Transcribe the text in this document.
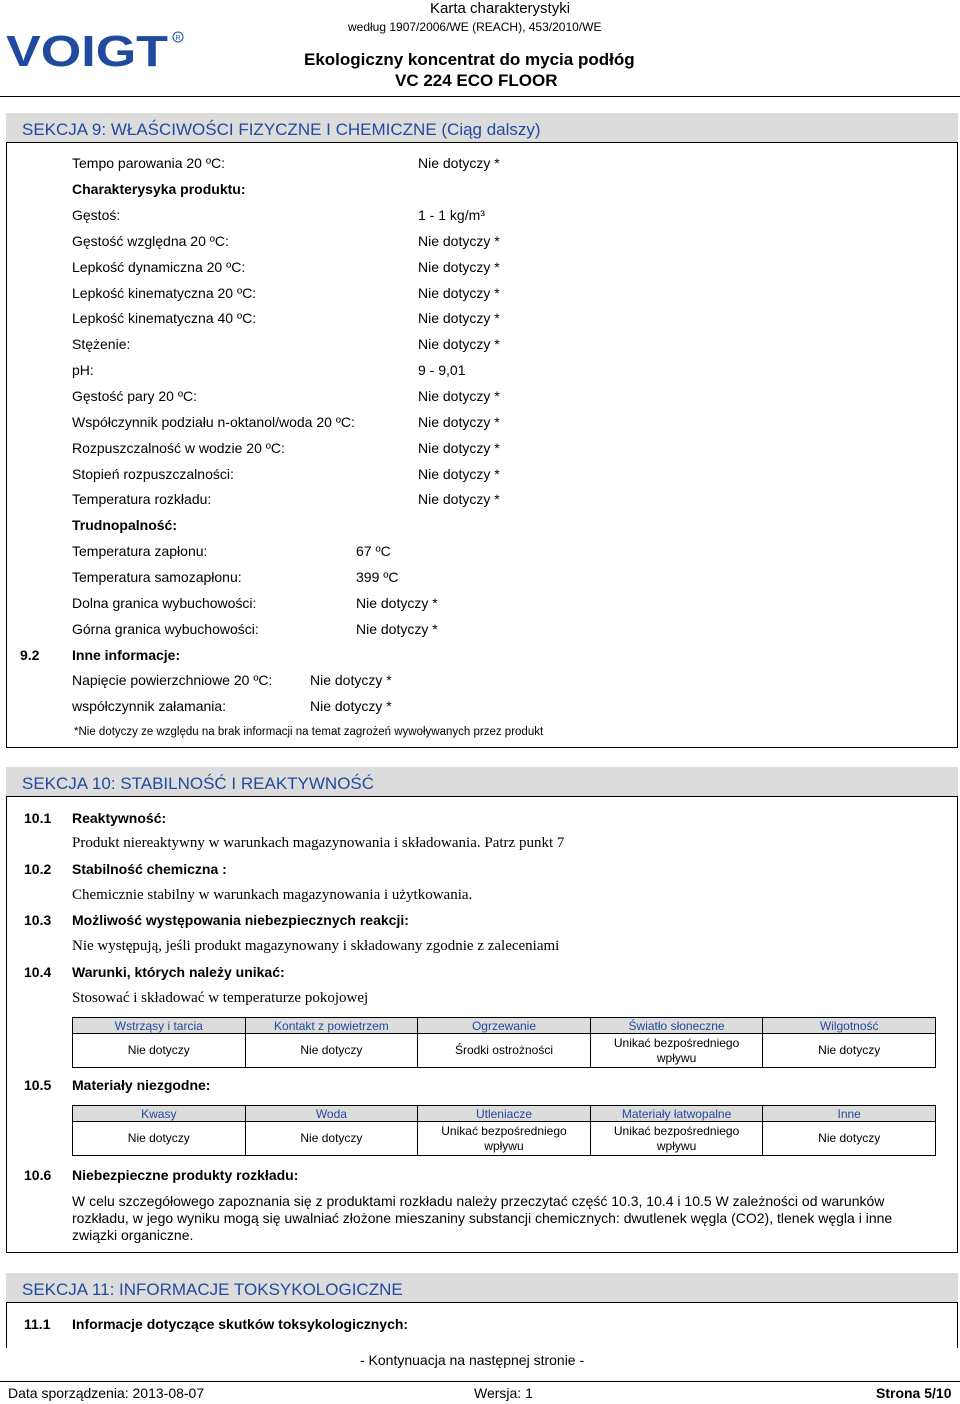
VOIGT R
Karta charakterystyki
według 1907/2006/WE (REACH), 453/2010/WE
Ekologiczny koncentrat do mycia podłóg
VC 224 ECO FLOOR
SEKCJA 9: WŁAŚCIWOŚCI FIZYCZNE I CHEMICZNE (Ciąg dalszy)
Tempo parowania 20 ºC:	Nie dotyczy *
Charakterysyka produktu:
Gęstoś:	1 - 1 kg/m³
Gęstość względna 20 ºC:	Nie dotyczy *
Lepkość dynamiczna 20 ºC:	Nie dotyczy *
Lepkość kinematyczna 20 ºC:	Nie dotyczy *
Lepkość kinematyczna 40 ºC:	Nie dotyczy *
Stężenie:	Nie dotyczy *
pH:	9 - 9,01
Gęstość pary 20 ºC:	Nie dotyczy *
Współczynnik podziału n-oktanol/woda 20 ºC:	Nie dotyczy *
Rozpuszczalność w wodzie 20 ºC:	Nie dotyczy *
Stopień rozpuszczalności:	Nie dotyczy *
Temperatura rozkładu:	Nie dotyczy *
Trudnopalność:
Temperatura zapłonu:	67 ºC
Temperatura samozapłonu:	399 ºC
Dolna granica wybuchowości:	Nie dotyczy *
Górna granica wybuchowości:	Nie dotyczy *
9.2 Inne informacje:
Napięcie powierzchniowe 20 ºC:	Nie dotyczy *
współczynnik załamania:	Nie dotyczy *
*Nie dotyczy ze względu na brak informacji na temat zagrożeń wywoływanych przez produkt
SEKCJA 10: STABILNOŚĆ I REAKTYWNOŚĆ
10.1 Reaktywność:
Produkt niereaktywny w warunkach magazynowania i składowania. Patrz punkt 7
10.2 Stabilność chemiczna :
Chemicznie stabilny w warunkach magazynowania i użytkowania.
10.3 Możliwość występowania niebezpiecznych reakcji:
Nie występują, jeśli produkt magazynowany i składowany zgodnie z zaleceniami
10.4 Warunki, których należy unikać:
Stosować i składować w temperaturze pokojowej
Wstrząsy i tarcia	Kontakt z powietrzem	Ogrzewanie	Światło słoneczne	Wilgotność
Nie dotyczy	Nie dotyczy	Środki ostrożności	Unikać bezpośredniego wpływu	Nie dotyczy
10.5 Materiały niezgodne:
Kwasy	Woda	Utleniacze	Materiały łatwopalne	Inne
Nie dotyczy	Nie dotyczy	Unikać bezpośredniego wpływu	Unikać bezpośredniego wpływu	Nie dotyczy
10.6 Niebezpieczne produkty rozkładu:
W celu szczegółowego zapoznania się z produktami rozkładu należy przeczytać część 10.3, 10.4 i 10.5 W zależności od warunków rozkładu, w jego wyniku mogą się uwalniać złożone mieszaniny substancji chemicznych: dwutlenek węgla (CO2), tlenek węgla i inne związki organiczne.
SEKCJA 11: INFORMACJE TOKSYKOLOGICZNE
11.1 Informacje dotyczące skutków toksykologicznych:
- Kontynuacja na następnej stronie -
Data sporządzenia: 2013-08-07	Wersja: 1	Strona 5/10
